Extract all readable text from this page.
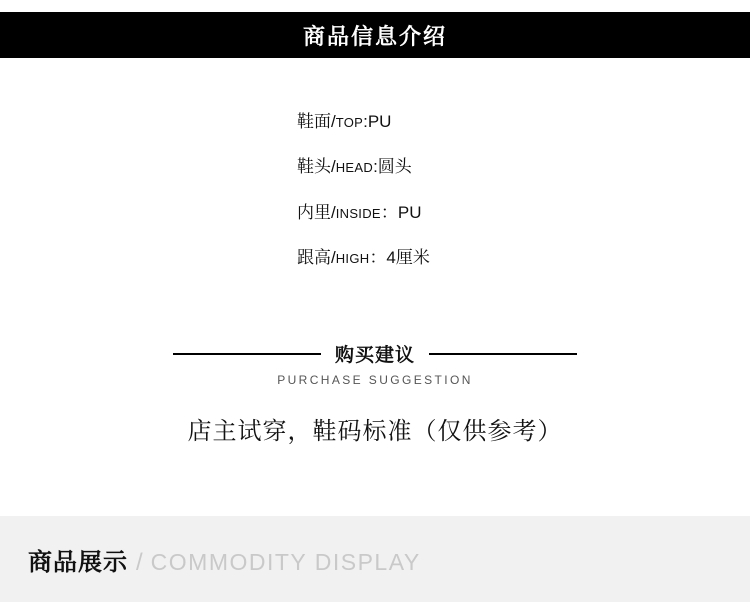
商品信息介绍
鞋面/TOP:PU
鞋头/HEAD:圆头
内里/INSIDE：PU
跟高/HIGH：4厘米
购买建议
PURCHASE SUGGESTION
店主试穿，鞋码标准（仅供参考）
商品展示 / COMMODITY DISPLAY
